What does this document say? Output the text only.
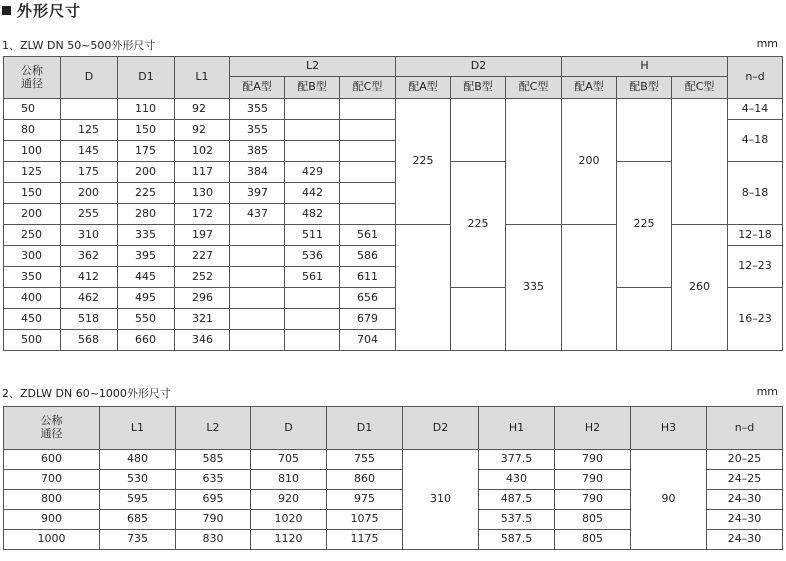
外形尺寸
1、ZLW DN 50~500外形尺寸	mm
公称
通径	D	D1	L1	L2			D2			H			n–d
				配A型	配B型	配C型	配A型	配B型	配C型	配A型	配B型	配C型	
50		110	92	355			225			200			4–14
80	125	150	92	355									4–18
100	145	175	102	385									
125	175	200	117	384	429			225			225		8–18
150	200	225	130	397	442								
200	255	280	172	437	482								
250	310	335	197		511	561			335			260	12–18
300	362	395	227		536	586							12–23
350	412	445	252		561	611							
400	462	495	296			656							16–23
450	518	550	321			679							
500	568	660	346			704							
2、ZDLW DN 60~1000外形尺寸	mm
公称
通径	L1	L2	D	D1	D2	H1	H2	H3	n–d
600	480	585	705	755	310	377.5	790	90	20–25
700	530	635	810	860		430	790		24–25
800	595	695	920	975		487.5	790		24–30
900	685	790	1020	1075		537.5	805		24–30
1000	735	830	1120	1175		587.5	805		24–30
